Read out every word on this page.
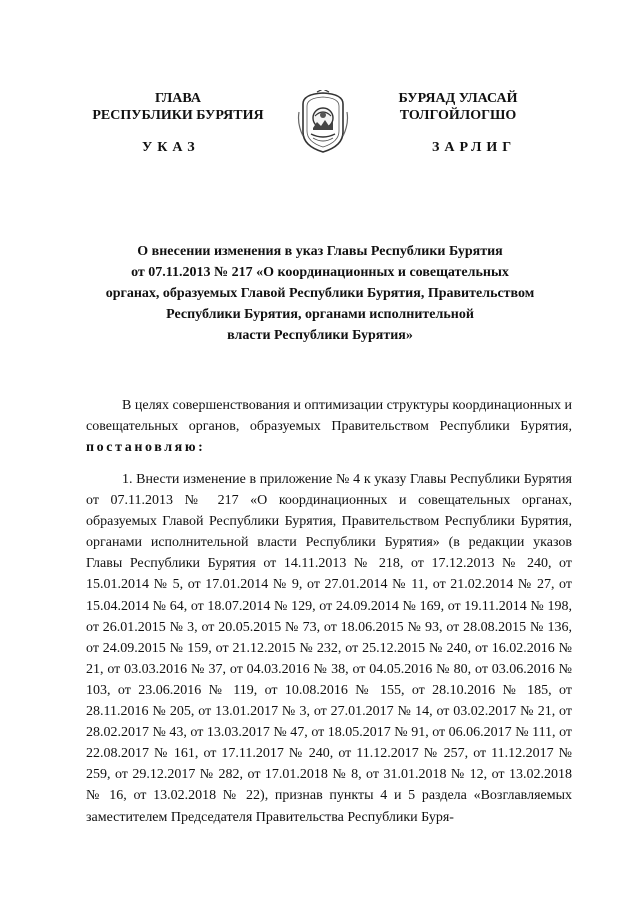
ГЛАВА
РЕСПУБЛИКИ БУРЯТИЯ
БУРЯАД УЛАСАЙ
ТОЛГОЙЛОГШО
УКАЗ	ЗАРЛИГ
О внесении изменения в указ Главы Республики Бурятия
от 07.11.2013 № 217 «О координационных и совещательных
органах, образуемых Главой Республики Бурятия, Правительством
Республики Бурятия, органами исполнительной
власти Республики Бурятия»

В целях совершенствования и оптимизации структуры координационных и совещательных органов, образуемых Правительством Республики Бурятия, постановляю:

1. Внести изменение в приложение № 4 к указу Главы Республики Бурятия от 07.11.2013 № 217 «О координационных и совещательных органах, образуемых Главой Республики Бурятия, Правительством Республики Бурятия, органами исполнительной власти Республики Бурятия» (в редакции указов Главы Республики Бурятия от 14.11.2013 № 218, от 17.12.2013 № 240, от 15.01.2014 № 5, от 17.01.2014 № 9, от 27.01.2014 № 11, от 21.02.2014 № 27, от 15.04.2014 № 64, от 18.07.2014 № 129, от 24.09.2014 № 169, от 19.11.2014 № 198, от 26.01.2015 № 3, от 20.05.2015 № 73, от 18.06.2015 № 93, от 28.08.2015 № 136, от 24.09.2015 № 159, от 21.12.2015 № 232, от 25.12.2015 № 240, от 16.02.2016 № 21, от 03.03.2016 № 37, от 04.03.2016 № 38, от 04.05.2016 № 80, от 03.06.2016 № 103, от 23.06.2016 № 119, от 10.08.2016 № 155, от 28.10.2016 № 185, от 28.11.2016 № 205, от 13.01.2017 № 3, от 27.01.2017 № 14, от 03.02.2017 № 21, от 28.02.2017 № 43, от 13.03.2017 № 47, от 18.05.2017 № 91, от 06.06.2017 № 111, от 22.08.2017 № 161, от 17.11.2017 № 240, от 11.12.2017 № 257, от 11.12.2017 № 259, от 29.12.2017 № 282, от 17.01.2018 № 8, от 31.01.2018 № 12, от 13.02.2018 № 16, от 13.02.2018 № 22), признав пункты 4 и 5 раздела «Возглавляемых заместителем Председателя Правительства Республики Буря-
